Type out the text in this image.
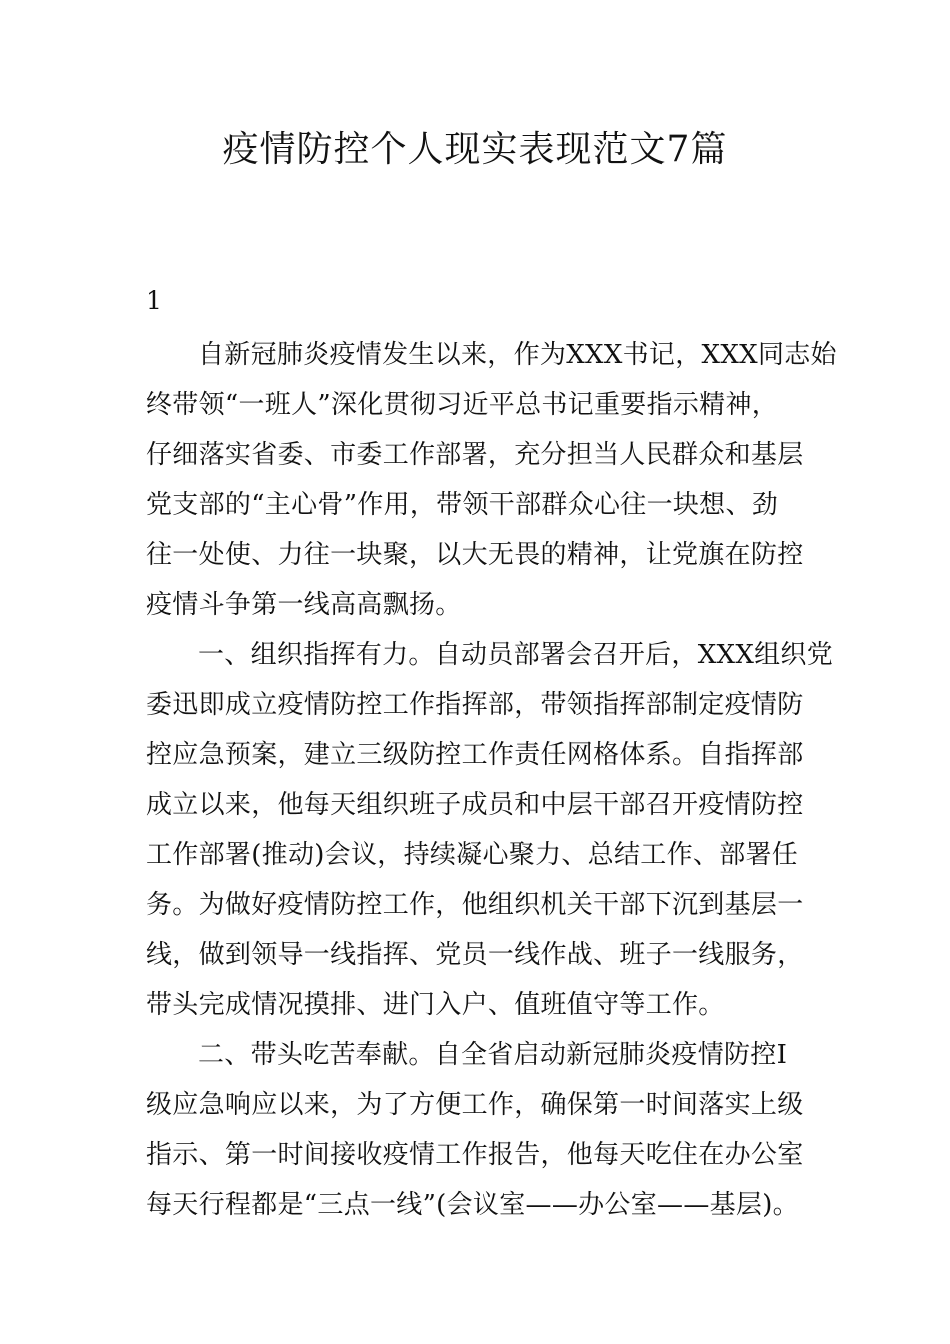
疫情防控个人现实表现范文7篇
1

自新冠肺炎疫情发生以来，作为XXX书记，XXX同志始
终带领“一班人”深化贯彻习近平总书记重要指示精神，
仔细落实省委、市委工作部署，充分担当人民群众和基层
党支部的“主心骨”作用，带领干部群众心往一块想、劲
往一处使、力往一块聚，以大无畏的精神，让党旗在防控
疫情斗争第一线高高飘扬。

一、组织指挥有力。自动员部署会召开后，XXX组织党
委迅即成立疫情防控工作指挥部，带领指挥部制定疫情防
控应急预案，建立三级防控工作责任网格体系。自指挥部
成立以来，他每天组织班子成员和中层干部召开疫情防控
工作部署(推动)会议，持续凝心聚力、总结工作、部署任
务。为做好疫情防控工作，他组织机关干部下沉到基层一
线，做到领导一线指挥、党员一线作战、班子一线服务，
带头完成情况摸排、进门入户、值班值守等工作。

二、带头吃苦奉献。自全省启动新冠肺炎疫情防控I
级应急响应以来，为了方便工作，确保第一时间落实上级
指示、第一时间接收疫情工作报告，他每天吃住在办公室
每天行程都是“三点一线”(会议室——办公室——基层)。
